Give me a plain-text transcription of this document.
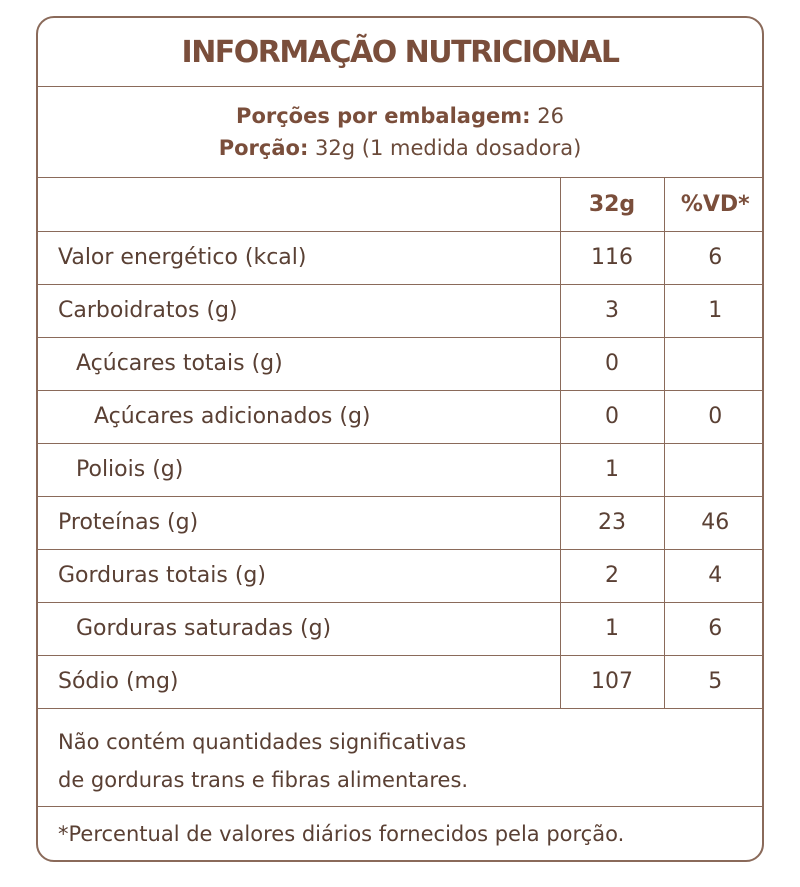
INFORMAÇÃO NUTRICIONAL
Porções por embalagem: 26
Porção: 32g (1 medida dosadora)
	32g	%VD*
Valor energético (kcal)	116	6
Carboidratos (g)	3	1
Açúcares totais (g)	0	
Açúcares adicionados (g)	0	0
Poliois (g)	1	
Proteínas (g)	23	46
Gorduras totais (g)	2	4
Gorduras saturadas (g)	1	6
Sódio (mg)	107	5
Não contém quantidades significativas
de gorduras trans e fibras alimentares.
*Percentual de valores diários fornecidos pela porção.
